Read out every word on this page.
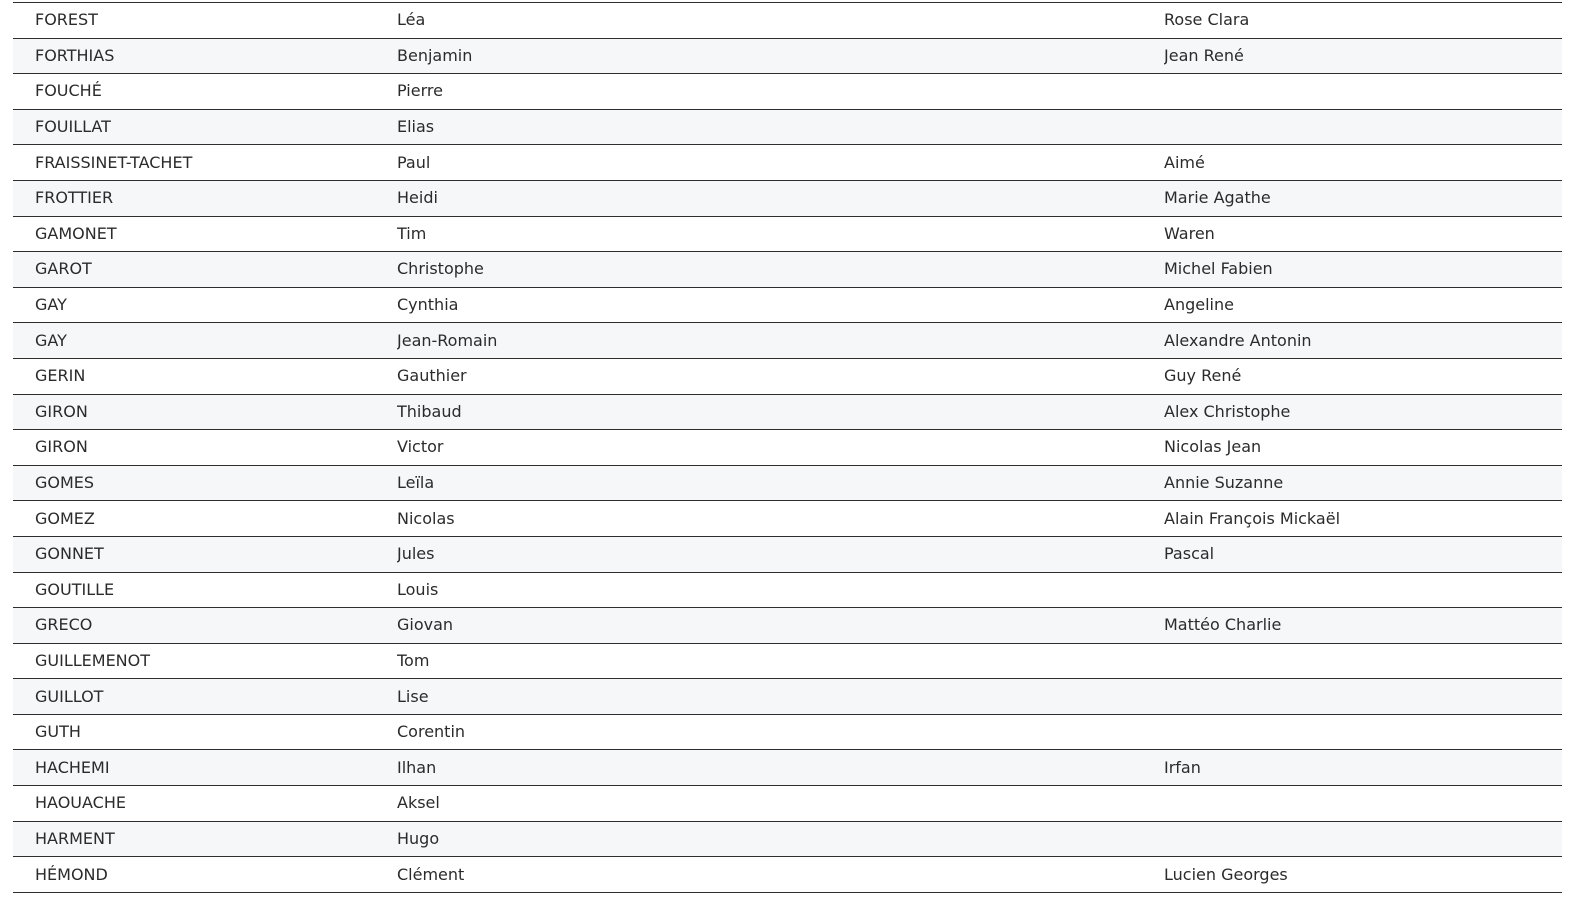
FOREST	Léa	Rose Clara
FORTHIAS	Benjamin	Jean René
FOUCHÉ	Pierre	
FOUILLAT	Elias	
FRAISSINET-TACHET	Paul	Aimé
FROTTIER	Heidi	Marie Agathe
GAMONET	Tim	Waren
GAROT	Christophe	Michel Fabien
GAY	Cynthia	Angeline
GAY	Jean-Romain	Alexandre Antonin
GERIN	Gauthier	Guy René
GIRON	Thibaud	Alex Christophe
GIRON	Victor	Nicolas Jean
GOMES	Leïla	Annie Suzanne
GOMEZ	Nicolas	Alain François Mickaël
GONNET	Jules	Pascal
GOUTILLE	Louis	
GRECO	Giovan	Mattéo Charlie
GUILLEMENOT	Tom	
GUILLOT	Lise	
GUTH	Corentin	
HACHEMI	Ilhan	Irfan
HAOUACHE	Aksel	
HARMENT	Hugo	
HÉMOND	Clément	Lucien Georges
